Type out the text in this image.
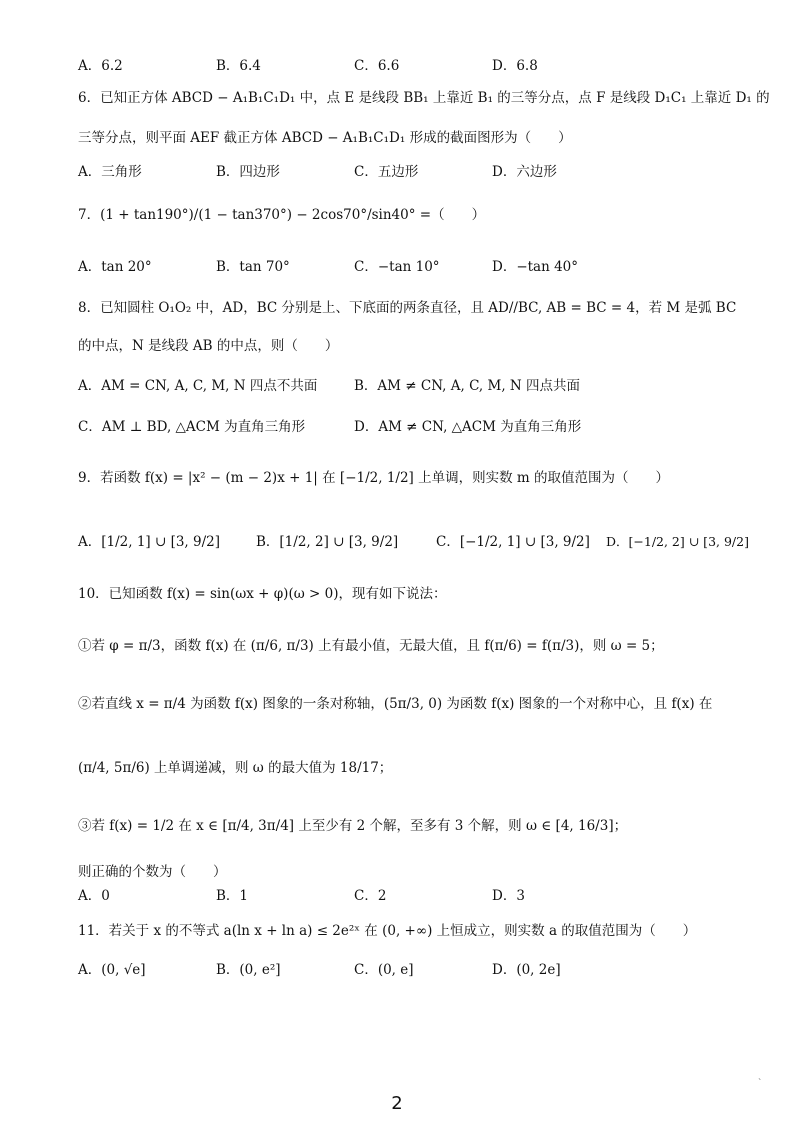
A．6.2	B．6.4	C．6.6	D．6.8
6．已知正方体 ABCD − A₁B₁C₁D₁ 中，点 E 是线段 BB₁ 上靠近 B₁ 的三等分点，点 F 是线段 D₁C₁ 上靠近 D₁ 的
三等分点，则平面 AEF 截正方体 ABCD − A₁B₁C₁D₁ 形成的截面图形为（　　）
A．三角形	B．四边形	C．五边形	D．六边形
7．(1 + tan190°)/(1 − tan370°) − 2cos70°/sin40° =（　　）
A．tan 20°	B．tan 70°	C．−tan 10°	D．−tan 40°
8．已知圆柱 O₁O₂ 中，AD，BC 分别是上、下底面的两条直径，且 AD//BC, AB = BC = 4，若 M 是弧 BC
的中点，N 是线段 AB 的中点，则（　　）
A．AM = CN, A, C, M, N 四点不共面	B．AM ≠ CN, A, C, M, N 四点共面
C．AM ⊥ BD, △ACM 为直角三角形	D．AM ≠ CN, △ACM 为直角三角形
9．若函数 f(x) = |x² − (m − 2)x + 1| 在 [−1/2, 1/2] 上单调，则实数 m 的取值范围为（　　）
A．[1/2, 1] ∪ [3, 9/2]	B．[1/2, 2] ∪ [3, 9/2]	C．[−1/2, 1] ∪ [3, 9/2] D．[−1/2, 2] ∪ [3, 9/2]
10．已知函数 f(x) = sin(ωx + φ)(ω > 0)，现有如下说法：
①若 φ = π/3，函数 f(x) 在 (π/6, π/3) 上有最小值，无最大值，且 f(π/6) = f(π/3)，则 ω = 5；
②若直线 x = π/4 为函数 f(x) 图象的一条对称轴，(5π/3, 0) 为函数 f(x) 图象的一个对称中心，且 f(x) 在
(π/4, 5π/6) 上单调递减，则 ω 的最大值为 18/17；
③若 f(x) = 1/2 在 x ∈ [π/4, 3π/4] 上至少有 2 个解，至多有 3 个解，则 ω ∈ [4, 16/3]；
则正确的个数为（　　）
A．0	B．1	C．2	D．3
11．若关于 x 的不等式 a(ln x + ln a) ≤ 2e²ˣ 在 (0, +∞) 上恒成立，则实数 a 的取值范围为（　　）
A．(0, √e]	B．(0, e²]	C．(0, e]	D．(0, 2e]
˴
2
